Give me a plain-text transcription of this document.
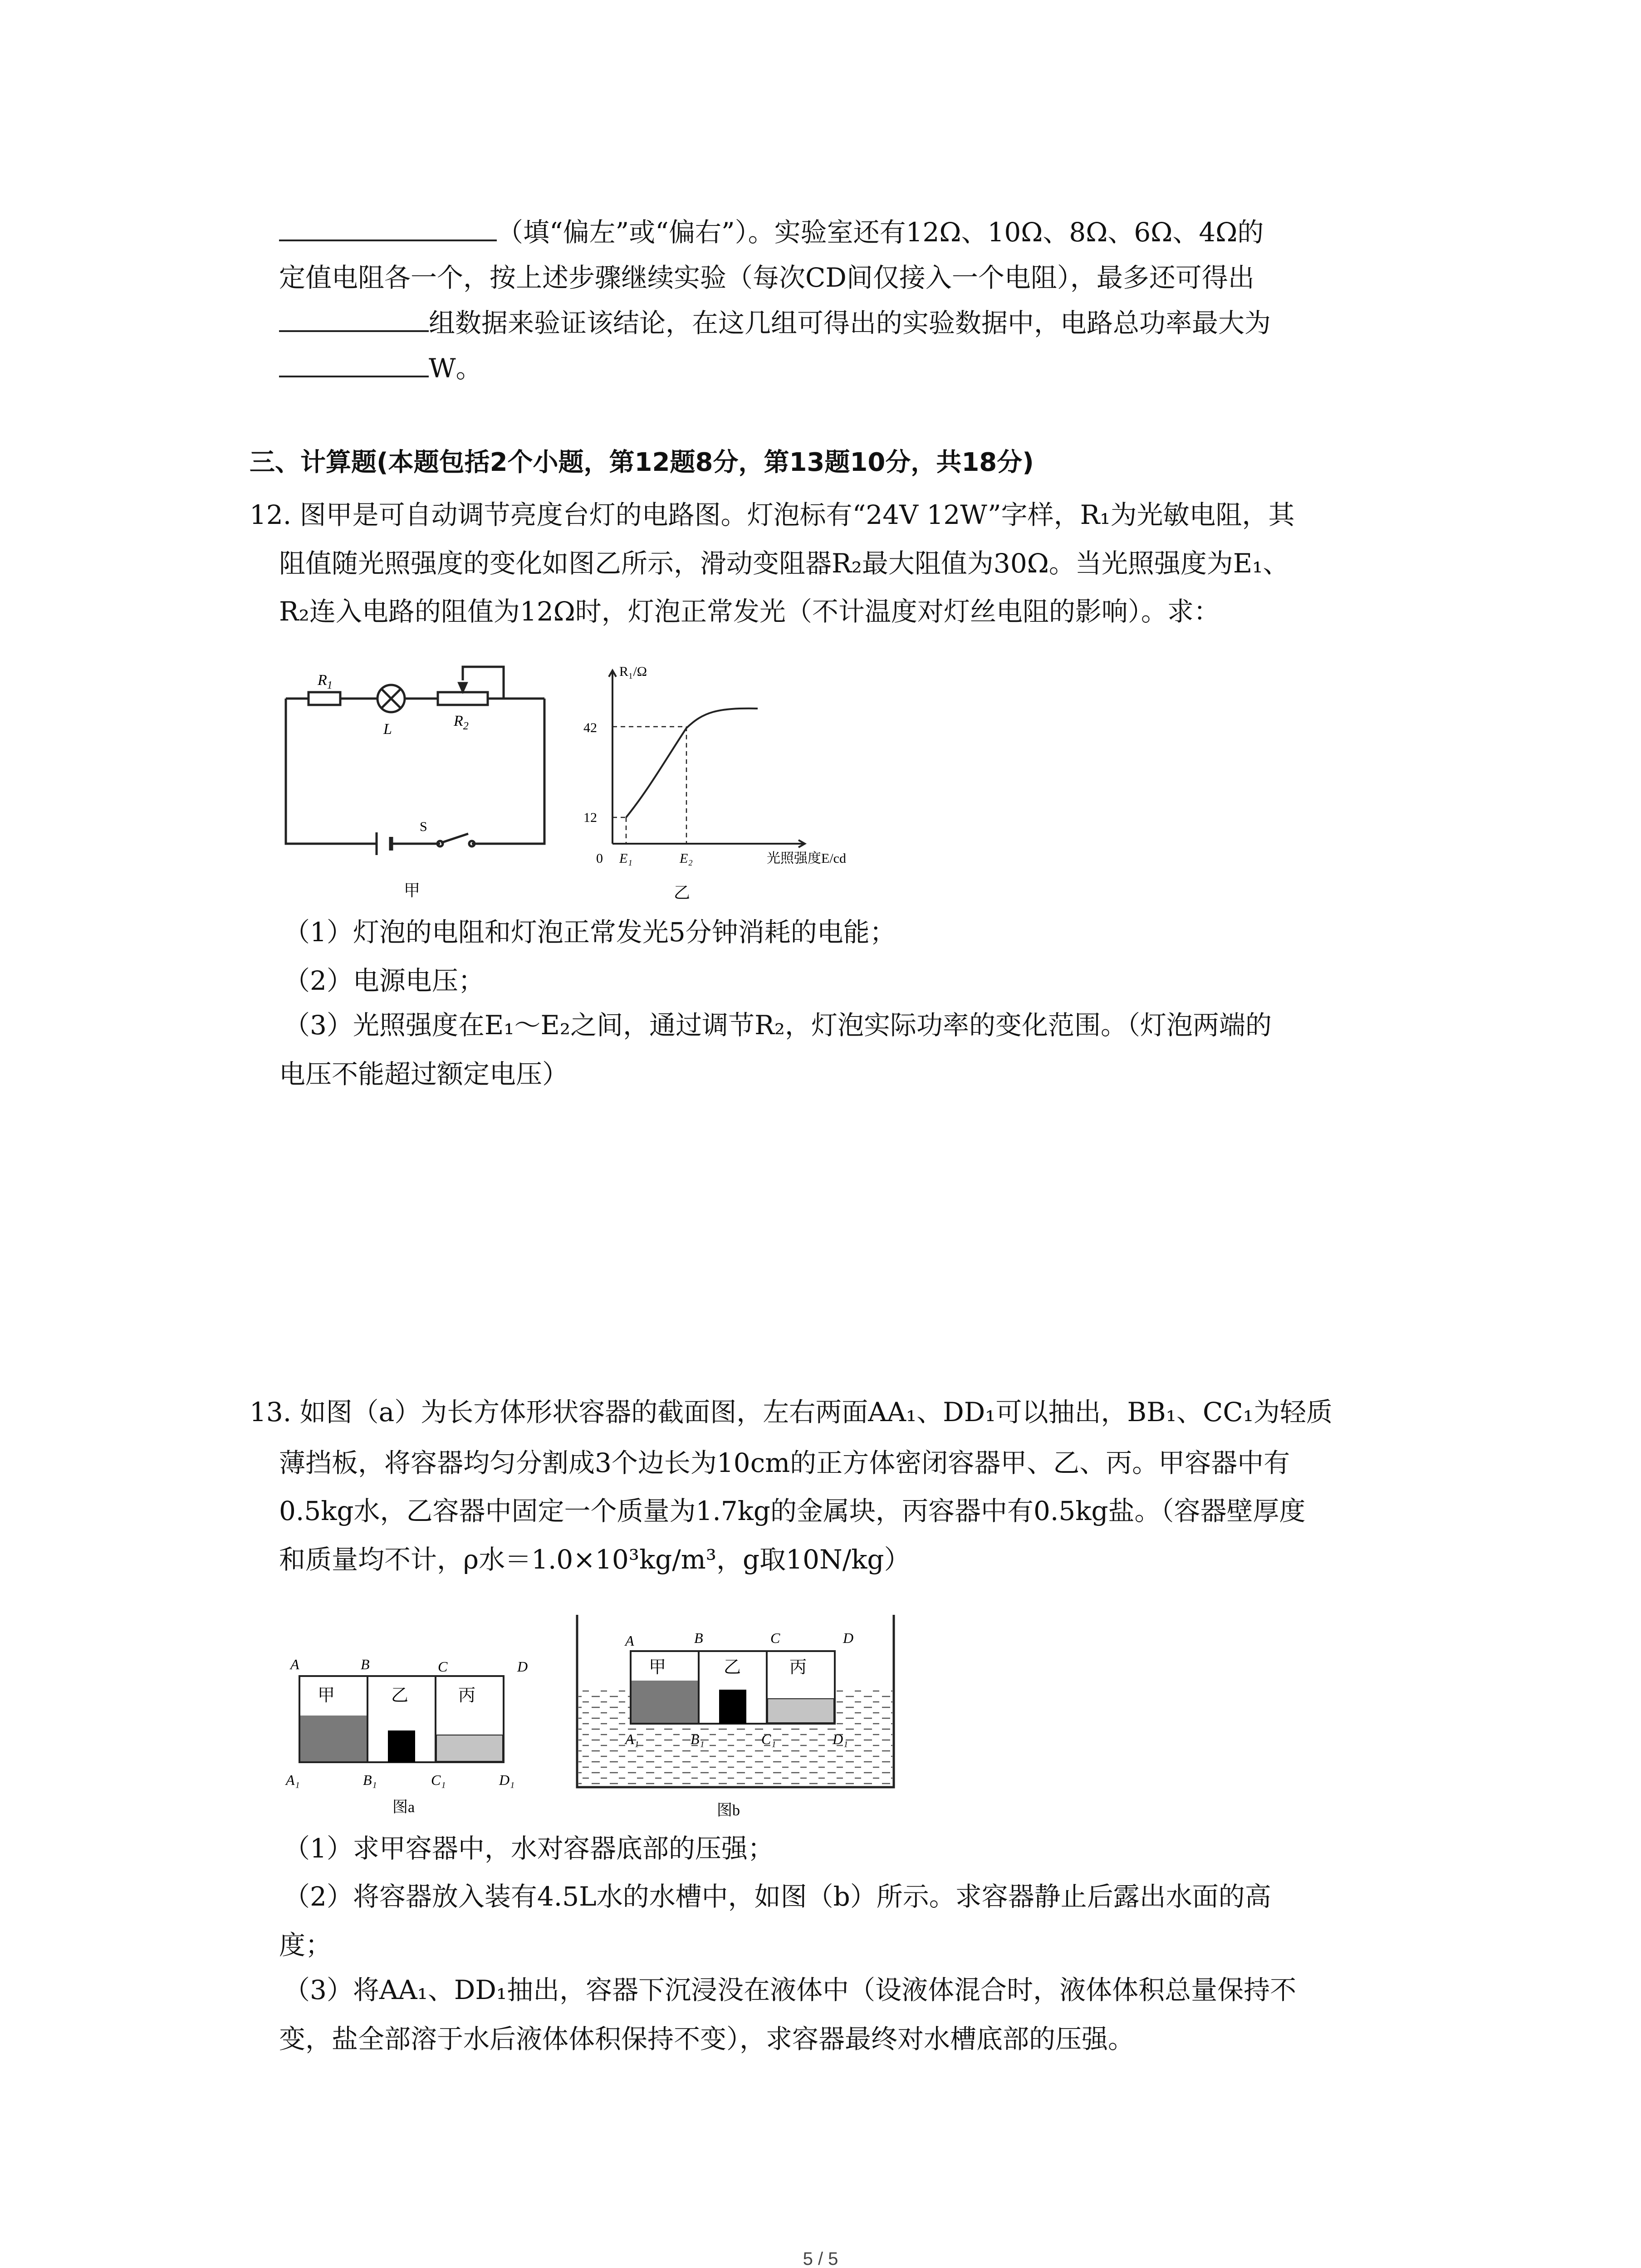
（填“偏左”或“偏右”）。实验室还有12Ω、10Ω、8Ω、6Ω、4Ω的
定值电阻各一个，按上述步骤继续实验（每次CD间仅接入一个电阻），最多还可得出
组数据来验证该结论，在这几组可得出的实验数据中，电路总功率最大为
W。
三、计算题(本题包括2个小题，第12题8分，第13题10分，共18分)
12. 图甲是可自动调节亮度台灯的电路图。灯泡标有“24V 12W”字样，R₁为光敏电阻，其
阻值随光照强度的变化如图乙所示，滑动变阻器R₂最大阻值为30Ω。当光照强度为E₁、
R₂连入电路的阻值为12Ω时，灯泡正常发光（不计温度对灯丝电阻的影响）。求：
$R_1$
L	$R_2$
S
甲
R₁/Ω
42
12
0 E₁	E₂	光照强度E/cd
乙
（1）灯泡的电阻和灯泡正常发光5分钟消耗的电能；
（2）电源电压；
（3）光照强度在E₁～E₂之间，通过调节R₂，灯泡实际功率的变化范围。（灯泡两端的
电压不能超过额定电压）
13. 如图（a）为长方体形状容器的截面图，左右两面AA₁、DD₁可以抽出，BB₁、CC₁为轻质
薄挡板，将容器均匀分割成3个边长为10cm的正方体密闭容器甲、乙、丙。甲容器中有
0.5kg水，乙容器中固定一个质量为1.7kg的金属块，丙容器中有0.5kg盐。（容器壁厚度
和质量均不计，ρ水＝1.0×10³kg/m³，g取10N/kg）
甲	乙	丙
A	B	C	D
A₁	B₁	C₁	D₁
图a
甲	乙	丙
A	B	C	D
A₁	B₁	C₁	D₁
图b
（1）求甲容器中，水对容器底部的压强；
（2）将容器放入装有4.5L水的水槽中，如图（b）所示。求容器静止后露出水面的高
度；
（3）将AA₁、DD₁抽出，容器下沉浸没在液体中（设液体混合时，液体体积总量保持不
变，盐全部溶于水后液体体积保持不变），求容器最终对水槽底部的压强。
5 / 5
